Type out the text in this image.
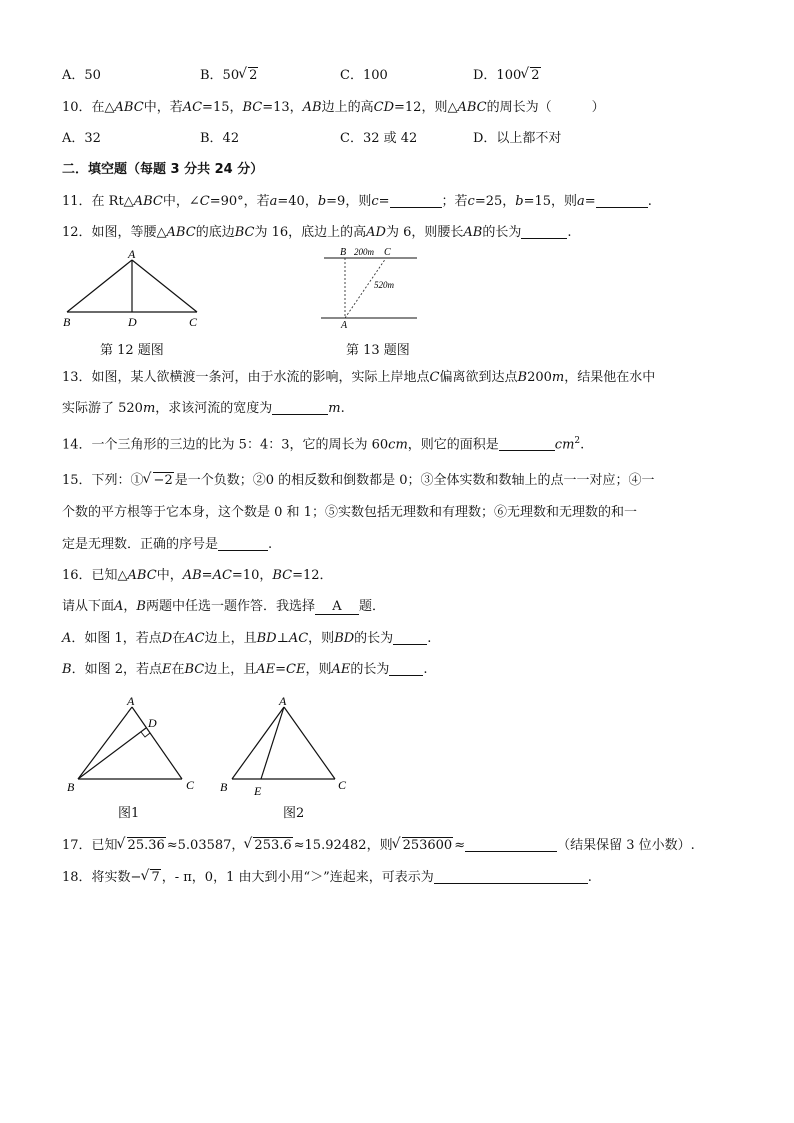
A．50	B．50 √ 2	C．100	D．100 √ 2
10．在△ABC中，若AC=15，BC=13，AB边上的高CD=12，则△ABC的周长为（	）
A．32	B．42	C．32 或 42	D．以上都不对
二．填空题（每题 3 分共 24 分）
11．在 Rt△ABC中，∠C=90°，若a=40，b=9，则c=	；若c=25，b=15，则a=	.
12．如图，等腰△ABC的底边BC为 16，底边上的高AD为 6，则腰长AB的长为	.
A
B	D	C
第 12 题图
B 200m C
520m
A
第 13 题图
13．如图，某人欲横渡一条河，由于水流的影响，实际上岸地点C偏离欲到达点B200m，结果他在水中
实际游了 520m，求该河流的宽度为	m.
14．一个三角形的三边的比为 5：4：3，它的周长为 60cm，则它的面积是	$cm^2$.
15．下列：① √ −2 是一个负数；②0 的相反数和倒数都是 0；③全体实数和数轴上的点一一对应；④一
个数的平方根等于它本身，这个数是 0 和 1；⑤实数包括无理数和有理数；⑥无理数和无理数的和一
定是无理数．正确的序号是	.
16．已知△ABC中，AB=AC=10，BC=12．
请从下面A，B两题中任选一题作答．我选择 A 题．
A．如图 1，若点D在AC边上，且BD⊥AC，则BD的长为	.
B．如图 2，若点E在BC边上，且AE=CE，则AE的长为	.
A
D
B	C
图1
A
B E	C
图2
17．已知 √ 25.36 ≈5.03587， √ 253.6 ≈15.92482，则 √ 253600 ≈	（结果保留 3 位小数）.
18．将实数− √ 7 ，- π，0，1 由大到小用“＞”连起来，可表示为	.
